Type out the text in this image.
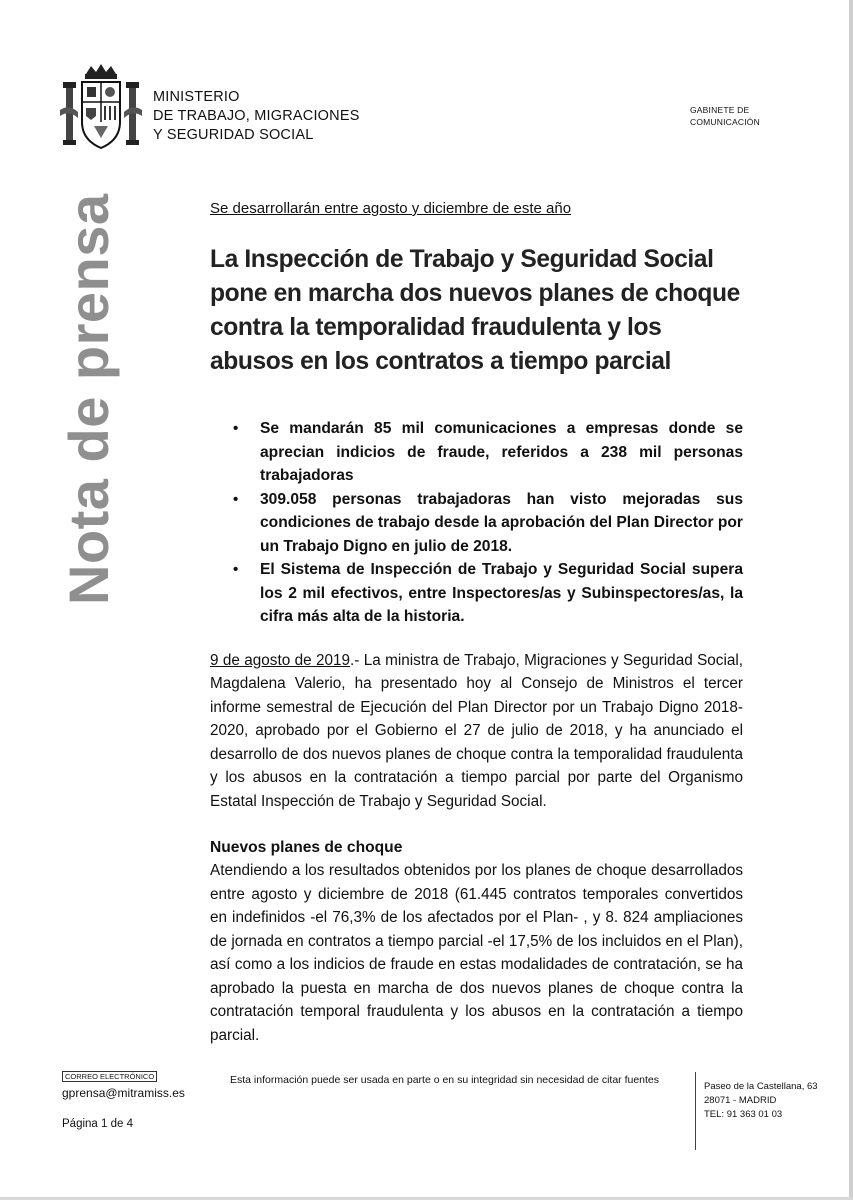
MINISTERIO
DE TRABAJO, MIGRACIONES
Y SEGURIDAD SOCIAL
GABINETE DE
COMUNICACIÓN
Nota de prensa	Se desarrollarán entre agosto y diciembre de este año

La Inspección de Trabajo y Seguridad Social pone en marcha dos nuevos planes de choque contra la temporalidad fraudulenta y los abusos en los contratos a tiempo parcial
• Se mandarán 85 mil comunicaciones a empresas donde se aprecian indicios de fraude, referidos a 238 mil personas trabajadoras
• 309.058 personas trabajadoras han visto mejoradas sus condiciones de trabajo desde la aprobación del Plan Director por un Trabajo Digno en julio de 2018.
• El Sistema de Inspección de Trabajo y Seguridad Social supera los 2 mil efectivos, entre Inspectores/as y Subinspectores/as, la cifra más alta de la historia.

9 de agosto de 2019.- La ministra de Trabajo, Migraciones y Seguridad Social, Magdalena Valerio, ha presentado hoy al Consejo de Ministros el tercer informe semestral de Ejecución del Plan Director por un Trabajo Digno 2018-2020, aprobado por el Gobierno el 27 de julio de 2018, y ha anunciado el desarrollo de dos nuevos planes de choque contra la temporalidad fraudulenta y los abusos en la contratación a tiempo parcial por parte del Organismo Estatal Inspección de Trabajo y Seguridad Social.

Nuevos planes de choque

Atendiendo a los resultados obtenidos por los planes de choque desarrollados entre agosto y diciembre de 2018 (61.445 contratos temporales convertidos en indefinidos -el 76,3% de los afectados por el Plan- , y 8. 824 ampliaciones de jornada en contratos a tiempo parcial -el 17,5% de los incluidos en el Plan), así como a los indicios de fraude en estas modalidades de contratación, se ha aprobado la puesta en marcha de dos nuevos planes de choque contra la contratación temporal fraudulenta y los abusos en la contratación a tiempo parcial.

CORREO ELECTRÓNICO
gprensa@mitramiss.es
Página 1 de 4
Esta información puede ser usada en parte o en su integridad sin necesidad de citar fuentes
Paseo de la Castellana, 63
28071 - MADRID
TEL: 91 363 01 03
